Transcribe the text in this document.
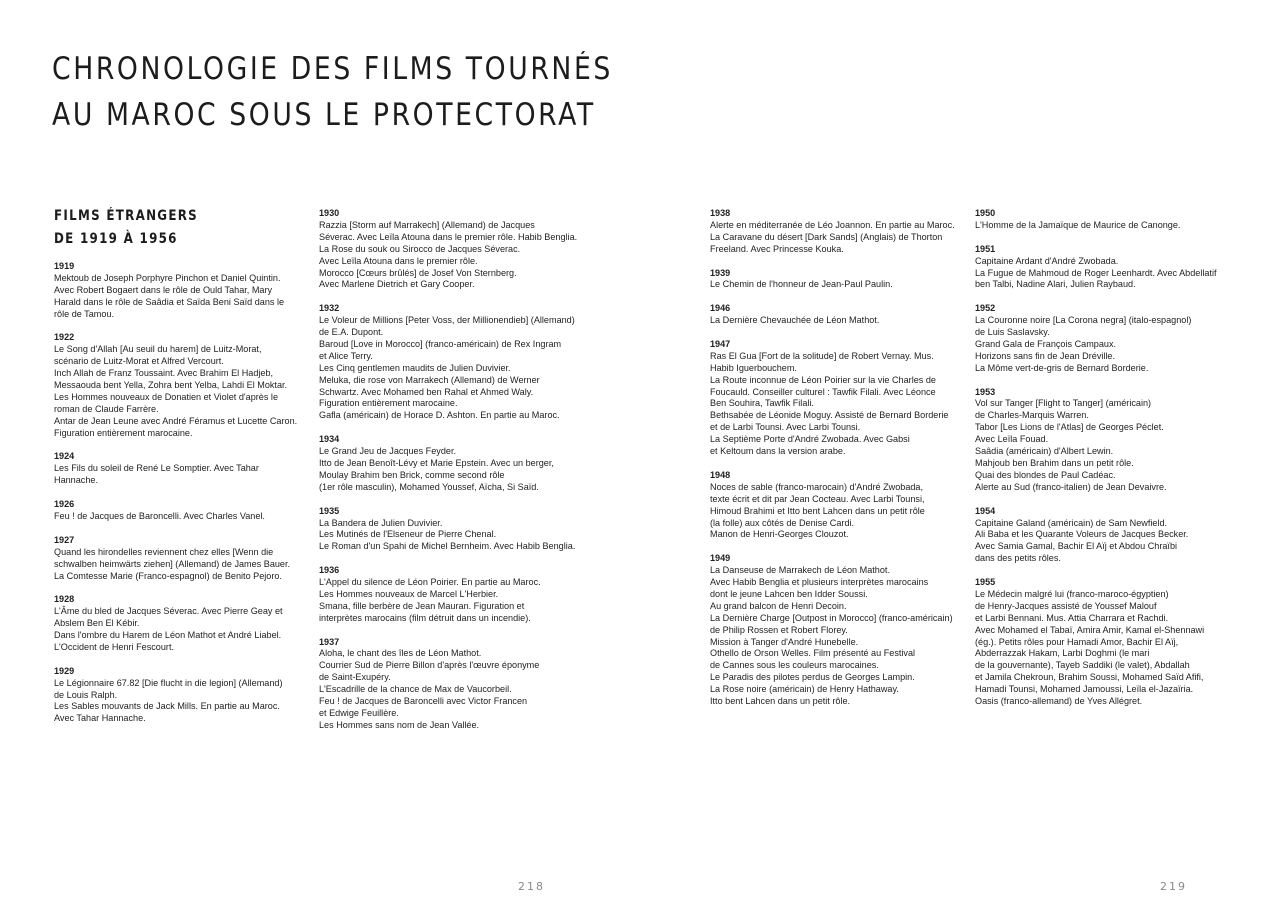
CHRONOLOGIE DES FILMS TOURNÉS
AU MAROC SOUS LE PROTECTORAT
FILMS ÉTRANGERS
DE 1919 À 1956
1919
Mektoub de Joseph Porphyre Pinchon et Daniel Quintin.
Avec Robert Bogaert dans le rôle de Ould Tahar, Mary
Harald dans le rôle de Saâdia et Saïda Beni Saïd dans le
rôle de Tamou.
1922
Le Song d'Allah [Au seuil du harem] de Luitz-Morat,
scénario de Luitz-Morat et Alfred Vercourt.
Inch Allah de Franz Toussaint. Avec Brahim El Hadjeb,
Messaouda bent Yella, Zohra bent Yelba, Lahdi El Moktar.
Les Hommes nouveaux de Donatien et Violet d'après le
roman de Claude Farrère.
Antar de Jean Leune avec André Féramus et Lucette Caron.
Figuration entièrement marocaine.
1924
Les Fils du soleil de René Le Somptier. Avec Tahar Hannache.
1926
Feu ! de Jacques de Baroncelli. Avec Charles Vanel.
1927
Quand les hirondelles reviennent chez elles [Wenn die
schwalben heimwärts ziehen] (Allemand) de James Bauer.
La Comtesse Marie (Franco-espagnol) de Benito Pejoro.
1928
L'Âme du bled de Jacques Séverac. Avec Pierre Geay et
Abslem Ben El Kébir.
Dans l'ombre du Harem de Léon Mathot et André Liabel.
L'Occident de Henri Fescourt.
1929
Le Légionnaire 67.82 [Die flucht in die legion] (Allemand)
de Louis Ralph.
Les Sables mouvants de Jack Mills. En partie au Maroc.
Avec Tahar Hannache.
1930
Razzia [Storm auf Marrakech] (Allemand) de Jacques
Séverac. Avec Leïla Atouna dans le premier rôle. Habib Benglia.
La Rose du souk ou Sirocco de Jacques Séverac.
Avec Leïla Atouna dans le premier rôle.
Morocco [Cœurs brûlés] de Josef Von Sternberg.
Avec Marlene Dietrich et Gary Cooper.
1932
Le Voleur de Millions [Peter Voss, der Millionendieb] (Allemand)
de E.A. Dupont.
Baroud [Love in Morocco] (franco-américain) de Rex Ingram
et Alice Terry.
Les Cinq gentlemen maudits de Julien Duvivier.
Meluka, die rose von Marrakech (Allemand) de Werner
Schwartz. Avec Mohamed ben Rahal et Ahmed Waly.
Figuration entièrement marocaine.
Gafla (américain) de Horace D. Ashton. En partie au Maroc.
1934
Le Grand Jeu de Jacques Feyder.
Itto de Jean Benoît-Lévy et Marie Epstein. Avec un berger,
Moulay Brahim ben Brick, comme second rôle
(1er rôle masculin), Mohamed Youssef, Aïcha, Si Saïd.
1935
La Bandera de Julien Duvivier.
Les Mutinés de l'Elseneur de Pierre Chenal.
Le Roman d'un Spahi de Michel Bernheim. Avec Habib Benglia.
1936
L'Appel du silence de Léon Poirier. En partie au Maroc.
Les Hommes nouveaux de Marcel L'Herbier.
Smana, fille berbère de Jean Mauran. Figuration et
interprètes marocains (film détruit dans un incendie).
1937
Aloha, le chant des îles de Léon Mathot.
Courrier Sud de Pierre Billon d'après l'œuvre éponyme
de Saint-Exupéry.
L'Escadrille de la chance de Max de Vaucorbeil.
Feu ! de Jacques de Baroncelli avec Victor Francen
et Edwige Feuillère.
Les Hommes sans nom de Jean Vallée.
1938
Alerte en méditerranée de Léo Joannon. En partie au Maroc.
La Caravane du désert [Dark Sands] (Anglais) de Thorton
Freeland. Avec Princesse Kouka.
1939
Le Chemin de l'honneur de Jean-Paul Paulin.
1946
La Dernière Chevauchée de Léon Mathot.
1947
Ras El Gua [Fort de la solitude] de Robert Vernay. Mus.
Habib Iguerbouchem.
La Route inconnue de Léon Poirier sur la vie Charles de
Foucauld. Conseiller culturel : Tawfik Filali. Avec Léonce
Ben Souhira, Tawfik Filali.
Bethsabée de Léonide Moguy. Assisté de Bernard Borderie
et de Larbi Tounsi. Avec Larbi Tounsi.
La Septième Porte d'André Zwobada. Avec Gabsi
et Keltoum dans la version arabe.
1948
Noces de sable (franco-marocain) d'André Zwobada,
texte écrit et dit par Jean Cocteau. Avec Larbi Tounsi,
Himoud Brahimi et Itto bent Lahcen dans un petit rôle
(la folle) aux côtés de Denise Cardi.
Manon de Henri-Georges Clouzot.
1949
La Danseuse de Marrakech de Léon Mathot.
Avec Habib Benglia et plusieurs interprètes marocains
dont le jeune Lahcen ben Idder Soussi.
Au grand balcon de Henri Decoin.
La Dernière Charge [Outpost in Morocco] (franco-américain)
de Philip Rossen et Robert Florey.
Mission à Tanger d'André Hunebelle.
Othello de Orson Welles. Film présenté au Festival
de Cannes sous les couleurs marocaines.
Le Paradis des pilotes perdus de Georges Lampin.
La Rose noire (américain) de Henry Hathaway.
Itto bent Lahcen dans un petit rôle.
1950
L'Homme de la Jamaïque de Maurice de Canonge.
1951
Capitaine Ardant d'André Zwobada.
La Fugue de Mahmoud de Roger Leenhardt. Avec Abdellatif
ben Talbi, Nadine Alari, Julien Raybaud.
1952
La Couronne noire [La Corona negra] (italo-espagnol)
de Luis Saslavsky.
Grand Gala de François Campaux.
Horizons sans fin de Jean Dréville.
La Môme vert-de-gris de Bernard Borderie.
1953
Vol sur Tanger [Flight to Tanger] (américain)
de Charles-Marquis Warren.
Tabor [Les Lions de l'Atlas] de Georges Péclet.
Avec Leïla Fouad.
Saâdia (américain) d'Albert Lewin.
Mahjoub ben Brahim dans un petit rôle.
Quai des blondes de Paul Cadéac.
Alerte au Sud (franco-italien) de Jean Devaivre.
1954
Capitaine Galand (américain) de Sam Newfield.
Ali Baba et les Quarante Voleurs de Jacques Becker.
Avec Samia Gamal, Bachir El Aïj et Abdou Chraïbi
dans des petits rôles.
1955
Le Médecin malgré lui (franco-maroco-égyptien)
de Henry-Jacques assisté de Youssef Malouf
et Larbi Bennani. Mus. Attia Charrara et Rachdi.
Avec Mohamed el Tabaï, Amira Amir, Kamal el-Shennawi
(ég.). Petits rôles pour Hamadi Amor, Bachir El Aïj,
Abderrazzak Hakam, Larbi Doghmi (le mari
de la gouvernante), Tayeb Saddiki (le valet), Abdallah
et Jamila Chekroun, Brahim Soussi, Mohamed Saïd Afifi,
Hamadi Tounsi, Mohamed Jamoussi, Leïla el-Jazaïria.
Oasis (franco-allemand) de Yves Allégret.
218	219
